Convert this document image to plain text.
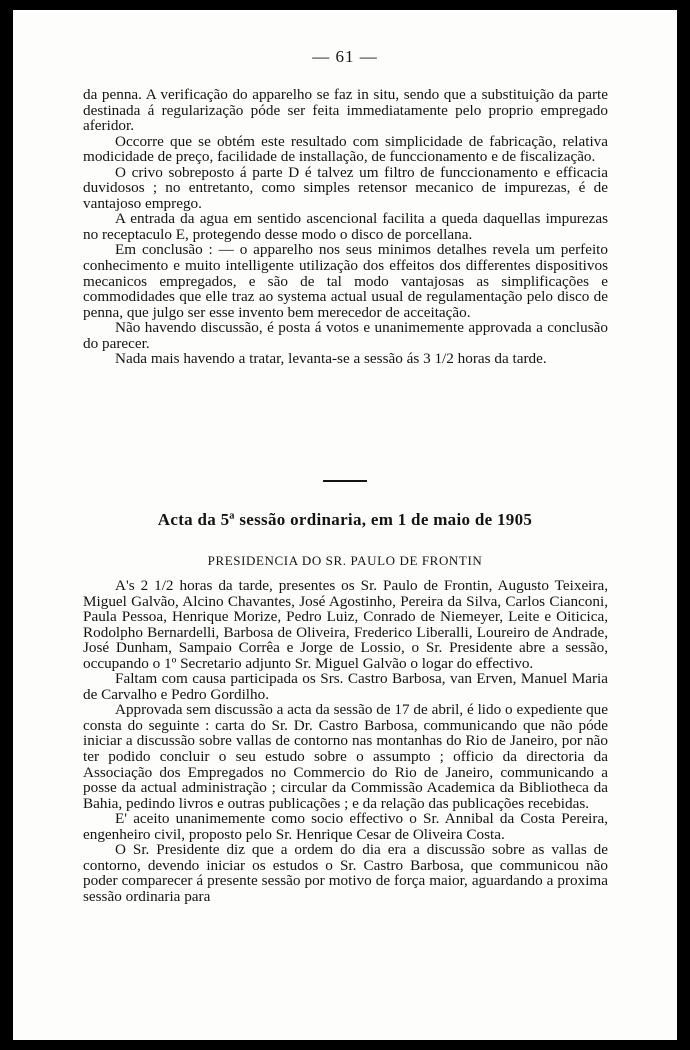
— 61 —

da penna. A verificação do apparelho se faz in situ, sendo que a substituição da parte destinada á regularização póde ser feita immediatamente pelo proprio empregado aferidor.

Occorre que se obtém este resultado com simplicidade de fabricação, relativa modicidade de preço, facilidade de installação, de funccionamento e de fiscalização.

O crivo sobreposto á parte D é talvez um filtro de funccionamento e efficacia duvidosos ; no entretanto, como simples retensor mecanico de impurezas, é de vantajoso emprego.

A entrada da agua em sentido ascencional facilita a queda daquellas impurezas no receptaculo E, protegendo desse modo o disco de porcellana.

Em conclusão : — o apparelho nos seus minimos detalhes revela um perfeito conhecimento e muito intelligente utilização dos effeitos dos differentes dispositivos mecanicos empregados, e são de tal modo vantajosas as simplificações e commodidades que elle traz ao systema actual usual de regulamentação pelo disco de penna, que julgo ser esse invento bem merecedor de acceitação.

Não havendo discussão, é posta á votos e unanimemente approvada a conclusão do parecer.

Nada mais havendo a tratar, levanta-se a sessão ás 3 1/2 horas da tarde.

Acta da 5ª sessão ordinaria, em 1 de maio de 1905
PRESIDENCIA DO SR. PAULO DE FRONTIN

A's 2 1/2 horas da tarde, presentes os Sr. Paulo de Frontin, Augusto Teixeira, Miguel Galvão, Alcino Chavantes, José Agostinho, Pereira da Silva, Carlos Cianconi, Paula Pessoa, Henrique Morize, Pedro Luiz, Conrado de Niemeyer, Leite e Oiticica, Rodolpho Bernardelli, Barbosa de Oliveira, Frederico Liberalli, Loureiro de Andrade, José Dunham, Sampaio Corrêa e Jorge de Lossio, o Sr. Presidente abre a sessão, occupando o 1º Secretario adjunto Sr. Miguel Galvão o logar do effectivo.

Faltam com causa participada os Srs. Castro Barbosa, van Erven, Manuel Maria de Carvalho e Pedro Gordilho.

Approvada sem discussão a acta da sessão de 17 de abril, é lido o expediente que consta do seguinte : carta do Sr. Dr. Castro Barbosa, communicando que não póde iniciar a discussão sobre vallas de contorno nas montanhas do Rio de Janeiro, por não ter podido concluir o seu estudo sobre o assumpto ; officio da directoria da Associação dos Empregados no Commercio do Rio de Janeiro, communicando a posse da actual administração ; circular da Commissão Academica da Bibliotheca da Bahia, pedindo livros e outras publicações ; e da relação das publicações recebidas.

E' aceito unanimemente como socio effectivo o Sr. Annibal da Costa Pereira, engenheiro civil, proposto pelo Sr. Henrique Cesar de Oliveira Costa.

O Sr. Presidente diz que a ordem do dia era a discussão sobre as vallas de contorno, devendo iniciar os estudos o Sr. Castro Barbosa, que communicou não poder comparecer á presente sessão por motivo de força maior, aguardando a proxima sessão ordinaria para
